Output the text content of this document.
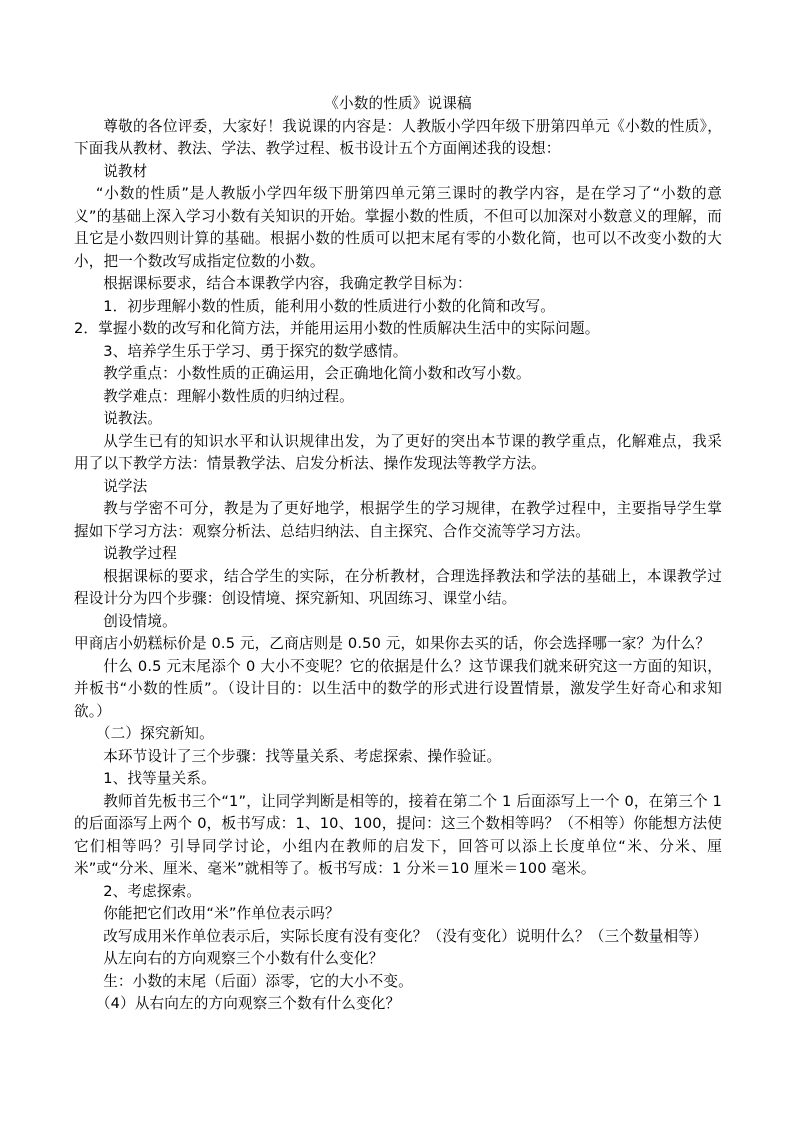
《小数的性质》说课稿

尊敬的各位评委，大家好！我说课的内容是：人教版小学四年级下册第四单元《小数的性质》，下面我从教材、教法、学法、教学过程、板书设计五个方面阐述我的设想：

说教材

“小数的性质”是人教版小学四年级下册第四单元第三课时的教学内容，是在学习了“小数的意义”的基础上深入学习小数有关知识的开始。掌握小数的性质，不但可以加深对小数意义的理解，而且它是小数四则计算的基础。根据小数的性质可以把末尾有零的小数化简，也可以不改变小数的大小，把一个数改写成指定位数的小数。

根据课标要求，结合本课教学内容，我确定教学目标为：

1．初步理解小数的性质，能利用小数的性质进行小数的化简和改写。

2．掌握小数的改写和化简方法，并能用运用小数的性质解决生活中的实际问题。

3、培养学生乐于学习、勇于探究的数学感情。

教学重点：小数性质的正确运用，会正确地化简小数和改写小数。

教学难点：理解小数性质的归纳过程。

说教法。

从学生已有的知识水平和认识规律出发，为了更好的突出本节课的教学重点，化解难点，我采用了以下教学方法：情景教学法、启发分析法、操作发现法等教学方法。

说学法

教与学密不可分，教是为了更好地学，根据学生的学习规律，在教学过程中，主要指导学生掌握如下学习方法：观察分析法、总结归纳法、自主探究、合作交流等学习方法。

说教学过程

根据课标的要求，结合学生的实际，在分析教材，合理选择教法和学法的基础上，本课教学过程设计分为四个步骤：创设情境、探究新知、巩固练习、课堂小结。

创设情境。

甲商店小奶糕标价是 0.5 元，乙商店则是 0.50 元，如果你去买的话，你会选择哪一家？为什么？

什么 0.5 元末尾添个 0 大小不变呢？它的依据是什么？这节课我们就来研究这一方面的知识，并板书“小数的性质”。（设计目的：以生活中的数学的形式进行设置情景，激发学生好奇心和求知欲。）

（二）探究新知。

本环节设计了三个步骤：找等量关系、考虑探索、操作验证。

1、找等量关系。

教师首先板书三个“1”，让同学判断是相等的，接着在第二个 1 后面添写上一个 0，在第三个 1 的后面添写上两个 0，板书写成：1、10、100，提问：这三个数相等吗？（不相等）你能想方法使它们相等吗？引导同学讨论，小组内在教师的启发下，回答可以添上长度单位“米、分米、厘米”或“分米、厘米、毫米”就相等了。板书写成：1 分米＝10 厘米＝100 毫米。

2、考虑探索。

你能把它们改用“米”作单位表示吗？

改写成用米作单位表示后，实际长度有没有变化？（没有变化）说明什么？（三个数量相等）

从左向右的方向观察三个小数有什么变化？

生：小数的末尾（后面）添零，它的大小不变。

（4）从右向左的方向观察三个数有什么变化？
